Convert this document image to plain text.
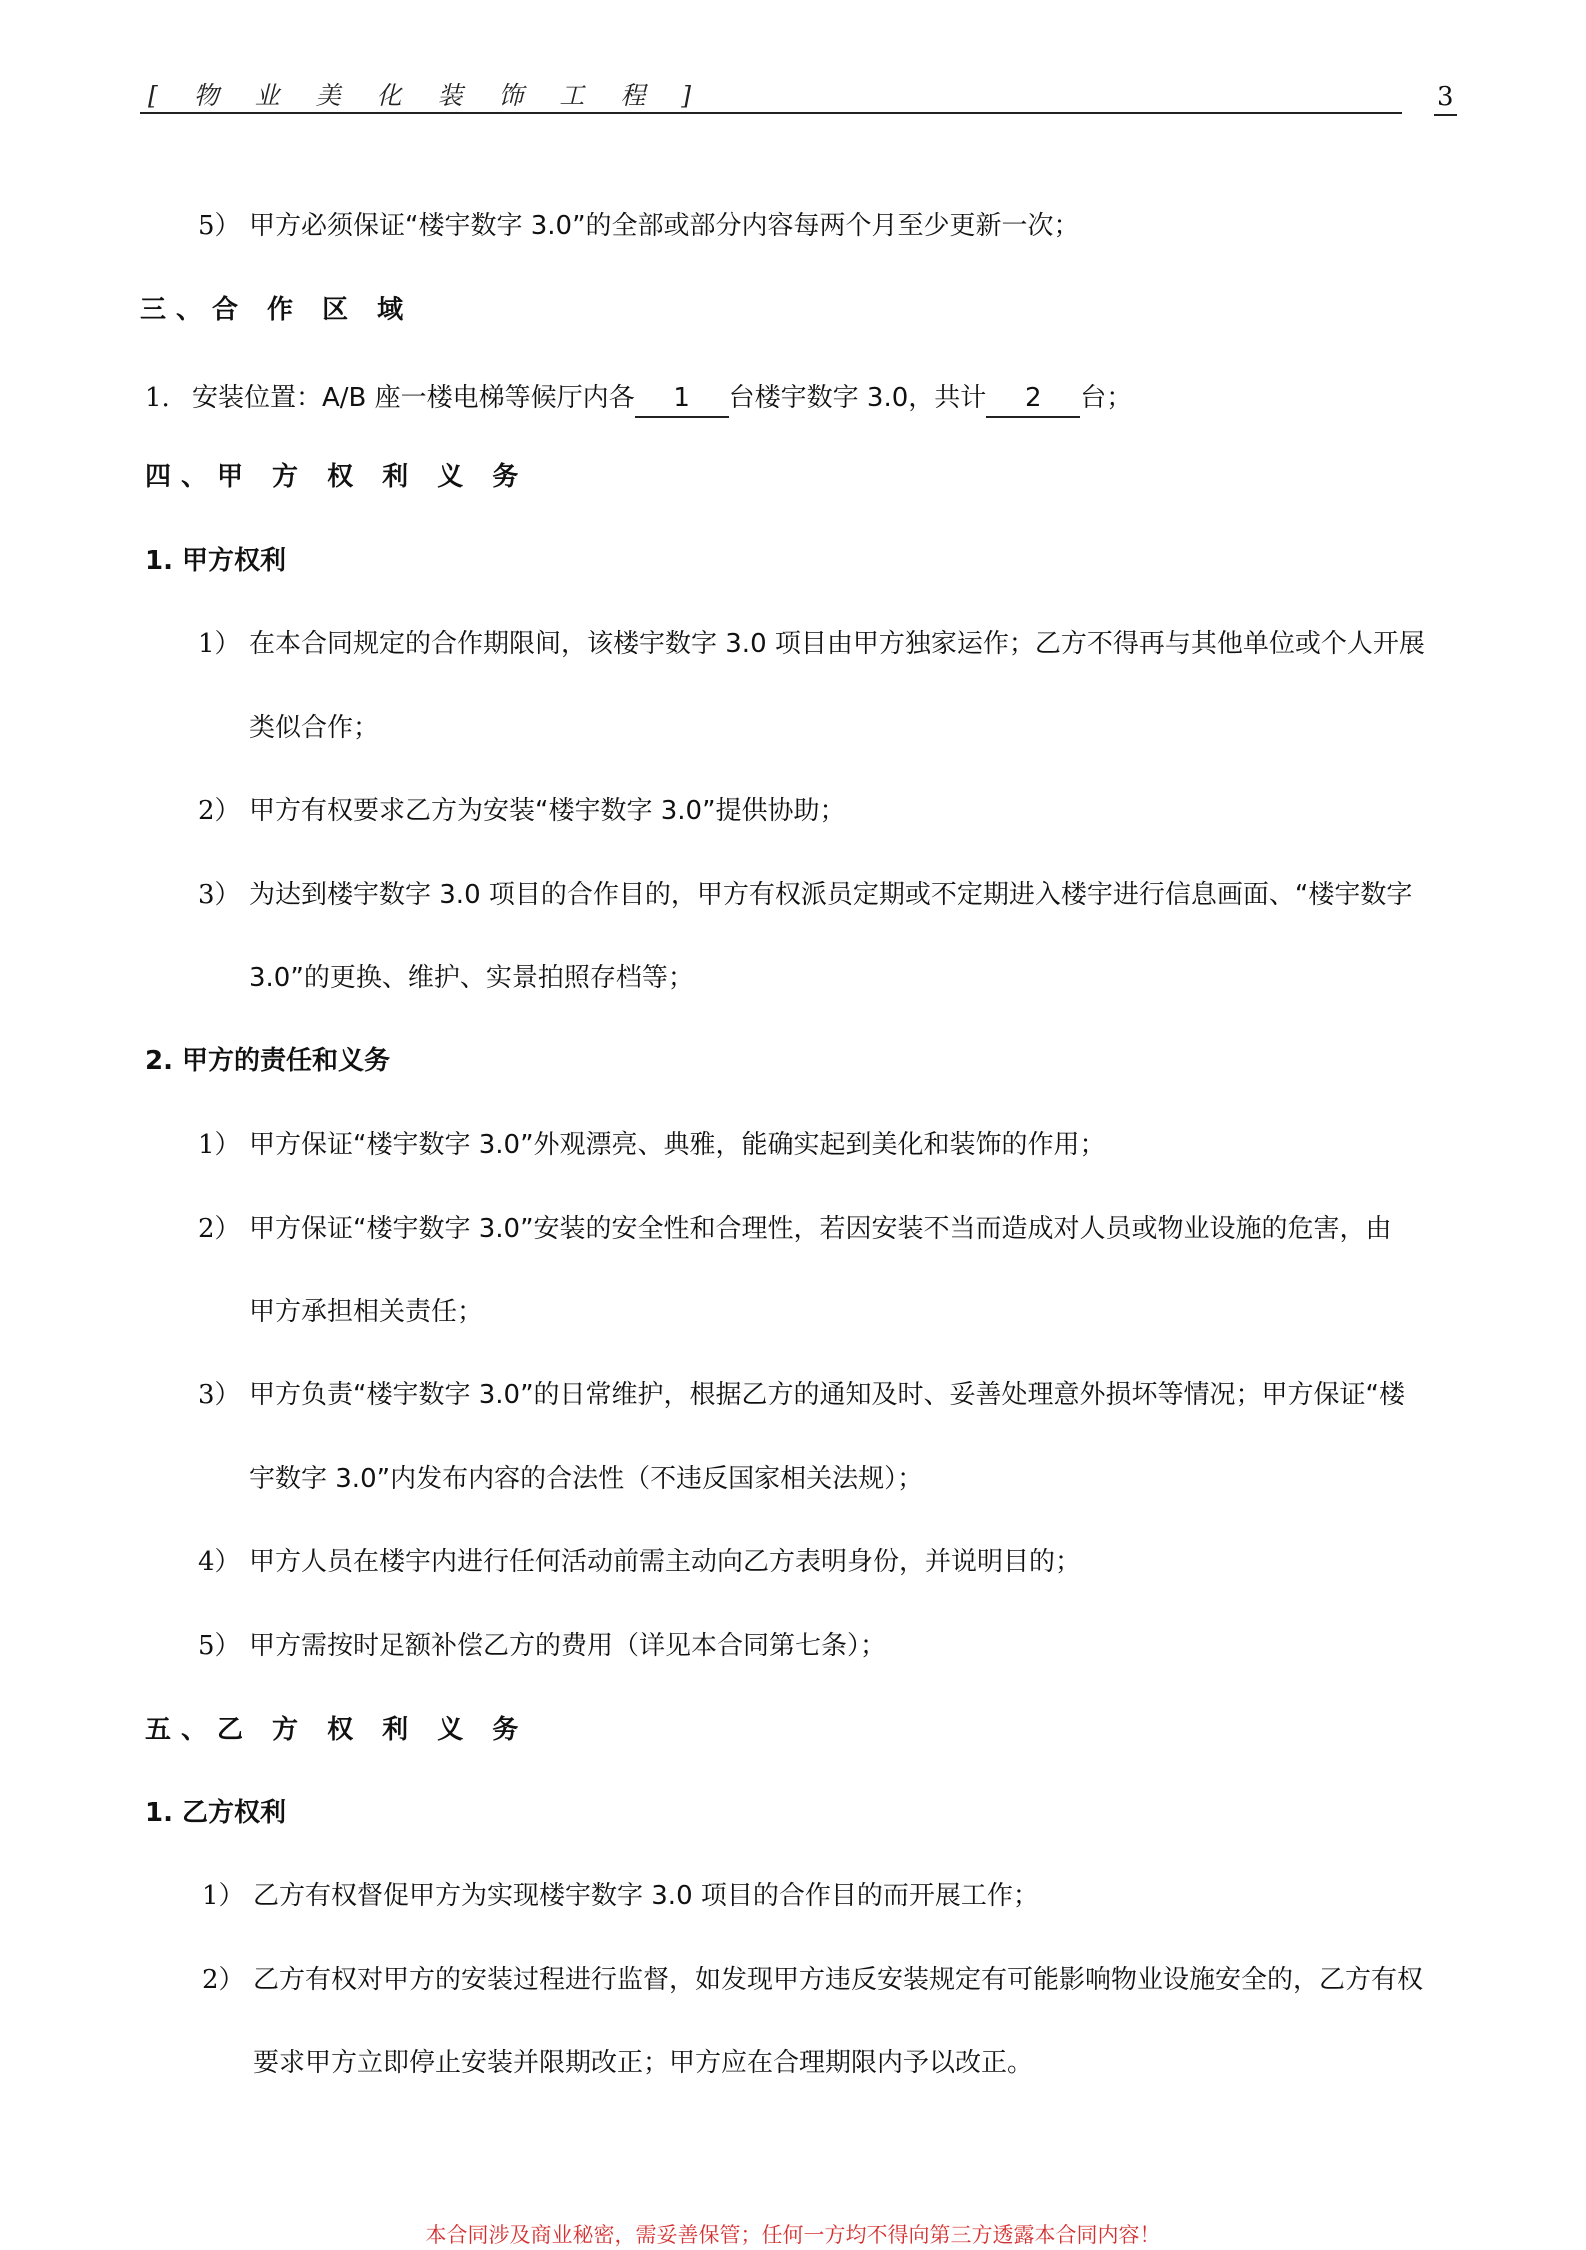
[ 物 业 美 化 装 饰 工 程 ]	3
5） 甲方必须保证“楼宇数字 3.0”的全部或部分内容每两个月至少更新一次；
三、合 作 区 域
1. 安装位置：A/B 座一楼电梯等候厅内各 1 台楼宇数字 3.0，共计 2 台；
四、甲 方 权 利 义 务
1. 甲方权利
1） 在本合同规定的合作期限间，该楼宇数字 3.0 项目由甲方独家运作；乙方不得再与其他单位或个人开展
类似合作；
2） 甲方有权要求乙方为安装“楼宇数字 3.0”提供协助；
3） 为达到楼宇数字 3.0 项目的合作目的，甲方有权派员定期或不定期进入楼宇进行信息画面、“楼宇数字
3.0”的更换、维护、实景拍照存档等；
2. 甲方的责任和义务
1） 甲方保证“楼宇数字 3.0”外观漂亮、典雅，能确实起到美化和装饰的作用；
2） 甲方保证“楼宇数字 3.0”安装的安全性和合理性，若因安装不当而造成对人员或物业设施的危害，由
甲方承担相关责任；
3） 甲方负责“楼宇数字 3.0”的日常维护，根据乙方的通知及时、妥善处理意外损坏等情况；甲方保证“楼
宇数字 3.0”内发布内容的合法性（不违反国家相关法规）；
4） 甲方人员在楼宇内进行任何活动前需主动向乙方表明身份，并说明目的；
5） 甲方需按时足额补偿乙方的费用（详见本合同第七条）；
五、乙 方 权 利 义 务
1. 乙方权利
1） 乙方有权督促甲方为实现楼宇数字 3.0 项目的合作目的而开展工作；
2） 乙方有权对甲方的安装过程进行监督，如发现甲方违反安装规定有可能影响物业设施安全的，乙方有权
要求甲方立即停止安装并限期改正；甲方应在合理期限内予以改正。
本合同涉及商业秘密，需妥善保管；任何一方均不得向第三方透露本合同内容！
